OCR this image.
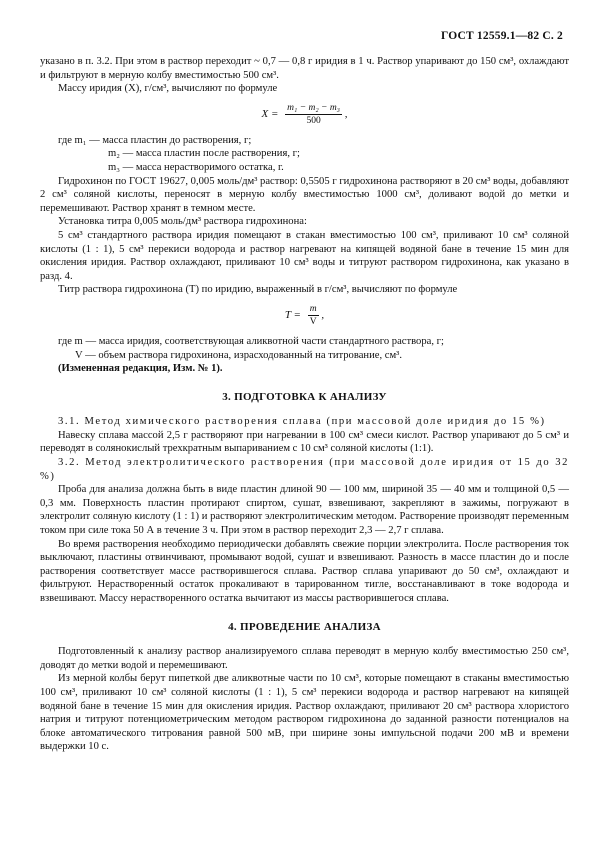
ГОСТ 12559.1—82 С. 2

указано в п. 3.2. При этом в раствор переходит ~ 0,7 — 0,8 г иридия в 1 ч. Раствор упаривают до 150 см³, охлаждают и фильтруют в мерную колбу вместимостью 500 см³.

Массу иридия (X), г/см³, вычисляют по формуле

$X = \frac{\text{m₁ − m₂ − m₃}}{500}$ ,
где m₁ — масса пластин до растворения, г;
m₂ — масса пластин после растворения, г;
m₃ — масса нерастворимого остатка, г.

Гидрохинон по ГОСТ 19627, 0,005 моль/дм³ раствор: 0,5505 г гидрохинона растворяют в 20 см³ воды, добавляют 2 см³ соляной кислоты, переносят в мерную колбу вместимостью 1000 см³, доливают водой до метки и перемешивают. Раствор хранят в темном месте.

Установка титра 0,005 моль/дм³ раствора гидрохинона:

5 см³ стандартного раствора иридия помещают в стакан вместимостью 100 см³, приливают 10 см³ соляной кислоты (1 : 1), 5 см³ перекиси водорода и раствор нагревают на кипящей водяной бане в течение 15 мин для окисления иридия. Раствор охлаждают, приливают 10 см³ воды и титруют раствором гидрохинона, как указано в разд. 4.

Титр раствора гидрохинона (T) по иридию, выраженный в г/см³, вычисляют по формуле

$T = \frac{m}{V}$ ,
где m — масса иридия, соответствующая аликвотной части стандартного раствора, г;
V — объем раствора гидрохинона, израсходованный на титрование, см³.

(Измененная редакция, Изм. № 1).

3. ПОДГОТОВКА К АНАЛИЗУ

3.1. Метод химического растворения сплава (при массовой доле иридия до 15 %)

Навеску сплава массой 2,5 г растворяют при нагревании в 100 см³ смеси кислот. Раствор упаривают до 5 см³ и переводят в солянокислый трехкратным выпариванием с 10 см³ соляной кислоты (1:1).

3.2. Метод электролитического растворения (при массовой доле иридия от 15 до 32 %)

Проба для анализа должна быть в виде пластин длиной 90 — 100 мм, шириной 35 — 40 мм и толщиной 0,5 — 0,3 мм. Поверхность пластин протирают спиртом, сушат, взвешивают, закрепляют в зажимы, погружают в электролит соляную кислоту (1 : 1) и растворяют электролитическим методом. Растворение производят переменным током при силе тока 50 А в течение 3 ч. При этом в раствор переходит 2,3 — 2,7 г сплава.

Во время растворения необходимо периодически добавлять свежие порции электролита. После растворения ток выключают, пластины отвинчивают, промывают водой, сушат и взвешивают. Разность в массе пластин до и после растворения соответствует массе растворившегося сплава. Раствор сплава упаривают до 50 см³, охлаждают и фильтруют. Нерастворенный остаток прокаливают в тарированном тигле, восстанавливают в токе водорода и взвешивают. Массу нерастворенного остатка вычитают из массы растворившегося сплава.

4. ПРОВЕДЕНИЕ АНАЛИЗА

Подготовленный к анализу раствор анализируемого сплава переводят в мерную колбу вместимостью 250 см³, доводят до метки водой и перемешивают.

Из мерной колбы берут пипеткой две аликвотные части по 10 см³, которые помещают в стаканы вместимостью 100 см³, приливают 10 см³ соляной кислоты (1 : 1), 5 см³ перекиси водорода и раствор нагревают на кипящей водяной бане в течение 15 мин для окисления иридия. Раствор охлаждают, приливают 20 см³ раствора хлористого натрия и титруют потенциометрическим методом раствором гидрохинона до заданной разности потенциалов на блоке автоматического титрования равной 500 мВ, при ширине зоны импульсной подачи 200 мВ и времени выдержки 10 с.
